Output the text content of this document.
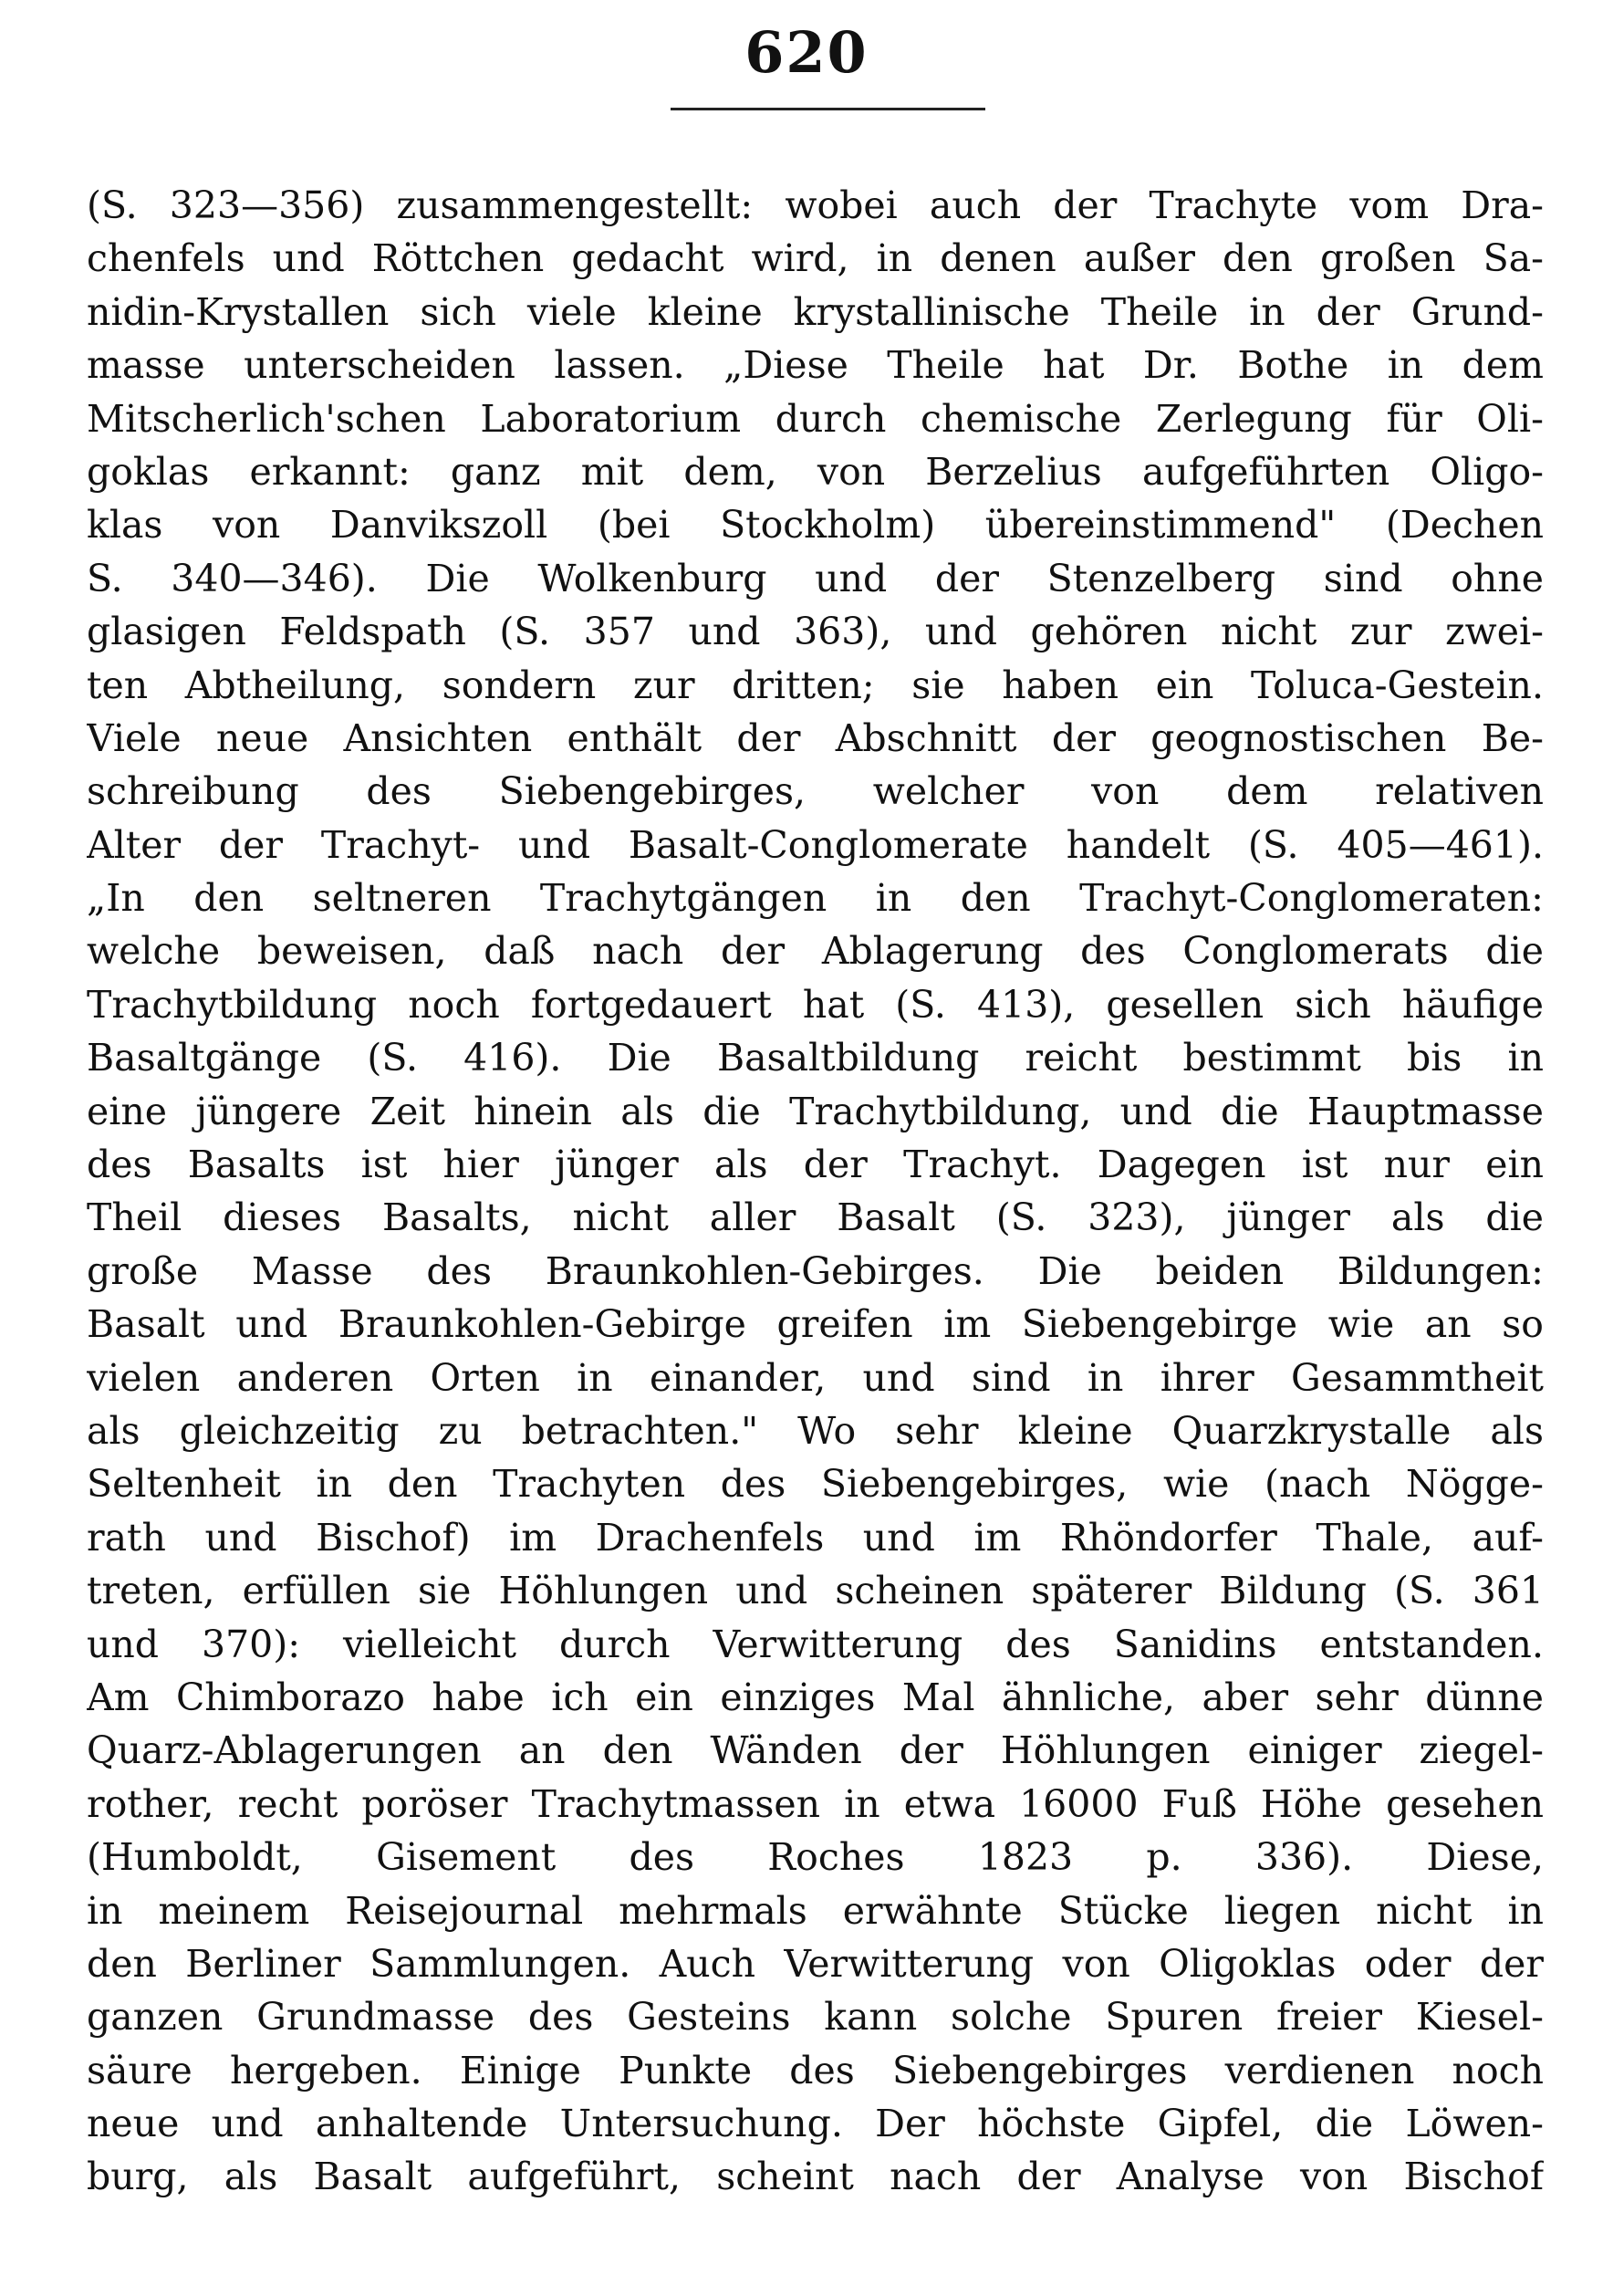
620
(S. 323—356) zusammengestellt: wobei auch der Trachyte vom Dra-
chenfels und Röttchen gedacht wird, in denen außer den großen Sa-
nidin-Krystallen sich viele kleine krystallinische Theile in der Grund-
masse unterscheiden lassen. „Diese Theile hat Dr. Bothe in dem
Mitscherlich'schen Laboratorium durch chemische Zerlegung für Oli-
goklas erkannt: ganz mit dem, von Berzelius aufgeführten Oligo-
klas von Danvikszoll (bei Stockholm) übereinstimmend" (Dechen
S. 340—346). Die Wolkenburg und der Stenzelberg sind ohne
glasigen Feldspath (S. 357 und 363), und gehören nicht zur zwei-
ten Abtheilung, sondern zur dritten; sie haben ein Toluca-Gestein.
Viele neue Ansichten enthält der Abschnitt der geognostischen Be-
schreibung des Siebengebirges, welcher von dem relativen
Alter der Trachyt- und Basalt-Conglomerate handelt (S. 405—461).
„In den seltneren Trachytgängen in den Trachyt-Conglomeraten:
welche beweisen, daß nach der Ablagerung des Conglomerats die
Trachytbildung noch fortgedauert hat (S. 413), gesellen sich häufige
Basaltgänge (S. 416). Die Basaltbildung reicht bestimmt bis in
eine jüngere Zeit hinein als die Trachytbildung, und die Hauptmasse
des Basalts ist hier jünger als der Trachyt. Dagegen ist nur ein
Theil dieses Basalts, nicht aller Basalt (S. 323), jünger als die
große Masse des Braunkohlen-Gebirges. Die beiden Bildungen:
Basalt und Braunkohlen-Gebirge greifen im Siebengebirge wie an so
vielen anderen Orten in einander, und sind in ihrer Gesammtheit
als gleichzeitig zu betrachten." Wo sehr kleine Quarzkrystalle als
Seltenheit in den Trachyten des Siebengebirges, wie (nach Nögge-
rath und Bischof) im Drachenfels und im Rhöndorfer Thale, auf-
treten, erfüllen sie Höhlungen und scheinen späterer Bildung (S. 361
und 370): vielleicht durch Verwitterung des Sanidins entstanden.
Am Chimborazo habe ich ein einziges Mal ähnliche, aber sehr dünne
Quarz-Ablagerungen an den Wänden der Höhlungen einiger ziegel-
rother, recht poröser Trachytmassen in etwa 16000 Fuß Höhe gesehen
(Humboldt, Gisement des Roches 1823 p. 336). Diese,
in meinem Reisejournal mehrmals erwähnte Stücke liegen nicht in
den Berliner Sammlungen. Auch Verwitterung von Oligoklas oder der
ganzen Grundmasse des Gesteins kann solche Spuren freier Kiesel-
säure hergeben. Einige Punkte des Siebengebirges verdienen noch
neue und anhaltende Untersuchung. Der höchste Gipfel, die Löwen-
burg, als Basalt aufgeführt, scheint nach der Analyse von Bischof
